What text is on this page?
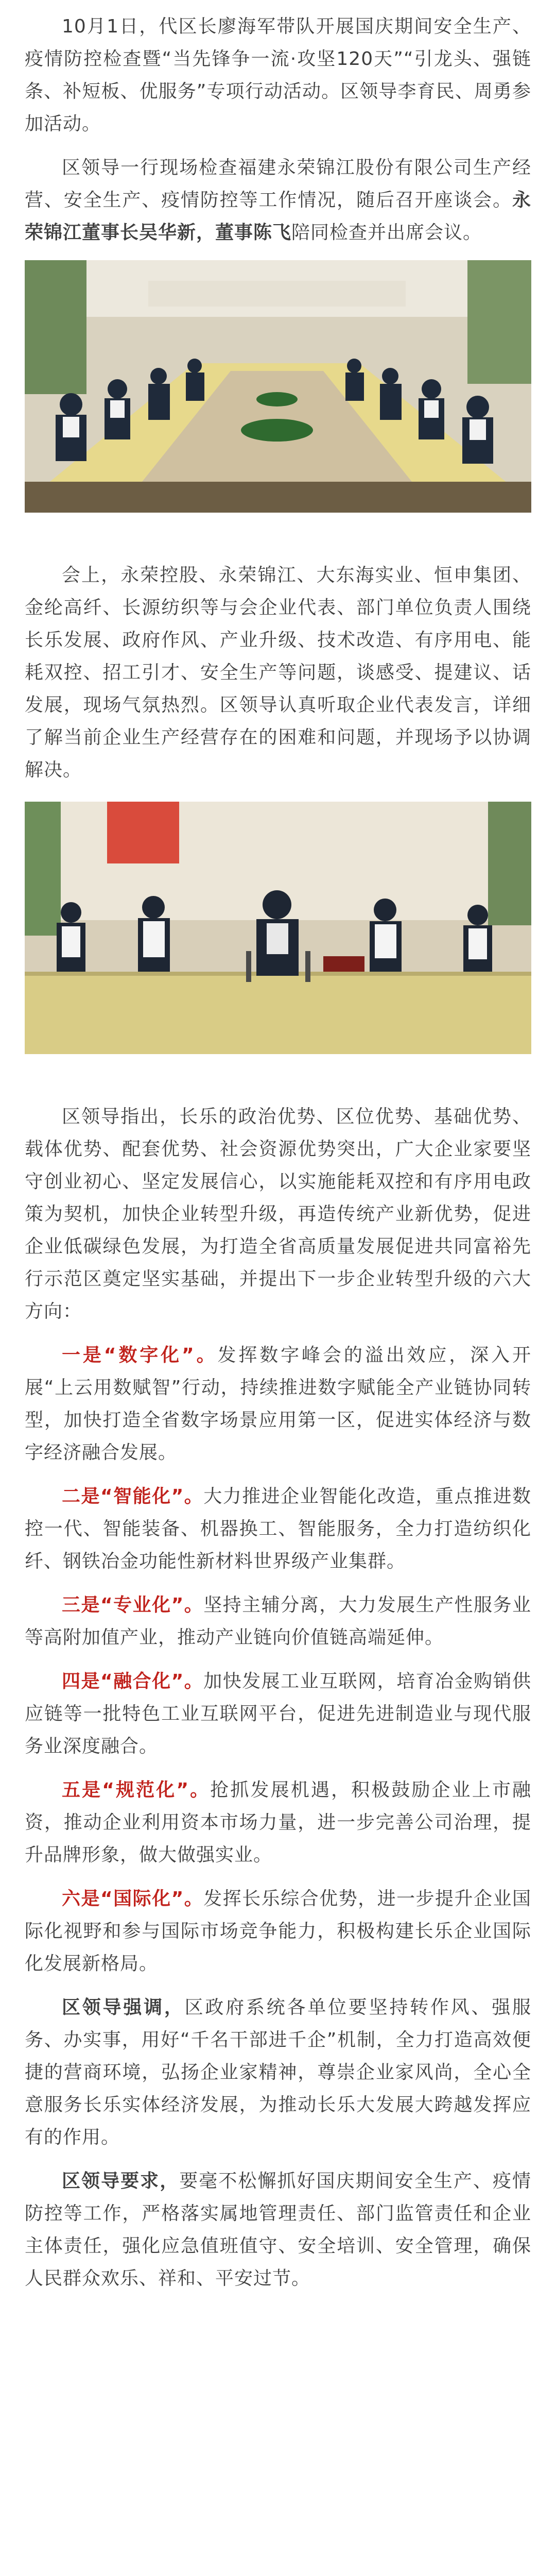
10月1日，代区长廖海军带队开展国庆期间安全生产、疫情防控检查暨“当先锋争一流·攻坚120天”“引龙头、强链条、补短板、优服务”专项行动活动。区领导李育民、周勇参加活动。

区领导一行现场检查福建永荣锦江股份有限公司生产经营、安全生产、疫情防控等工作情况，随后召开座谈会。永荣锦江董事长吴华新，董事陈飞陪同检查并出席会议。

会上，永荣控股、永荣锦江、大东海实业、恒申集团、金纶高纤、长源纺织等与会企业代表、部门单位负责人围绕长乐发展、政府作风、产业升级、技术改造、有序用电、能耗双控、招工引才、安全生产等问题，谈感受、提建议、话发展，现场气氛热烈。区领导认真听取企业代表发言，详细了解当前企业生产经营存在的困难和问题，并现场予以协调解决。

区领导指出，长乐的政治优势、区位优势、基础优势、载体优势、配套优势、社会资源优势突出，广大企业家要坚守创业初心、坚定发展信心，以实施能耗双控和有序用电政策为契机，加快企业转型升级，再造传统产业新优势，促进企业低碳绿色发展，为打造全省高质量发展促进共同富裕先行示范区奠定坚实基础，并提出下一步企业转型升级的六大方向：

一是“数字化”。发挥数字峰会的溢出效应，深入开展“上云用数赋智”行动，持续推进数字赋能全产业链协同转型，加快打造全省数字场景应用第一区，促进实体经济与数字经济融合发展。

二是“智能化”。大力推进企业智能化改造，重点推进数控一代、智能装备、机器换工、智能服务，全力打造纺织化纤、钢铁冶金功能性新材料世界级产业集群。

三是“专业化”。坚持主辅分离，大力发展生产性服务业等高附加值产业，推动产业链向价值链高端延伸。

四是“融合化”。加快发展工业互联网，培育冶金购销供应链等一批特色工业互联网平台，促进先进制造业与现代服务业深度融合。

五是“规范化”。抢抓发展机遇，积极鼓励企业上市融资，推动企业利用资本市场力量，进一步完善公司治理，提升品牌形象，做大做强实业。

六是“国际化”。发挥长乐综合优势，进一步提升企业国际化视野和参与国际市场竞争能力，积极构建长乐企业国际化发展新格局。

区领导强调，区政府系统各单位要坚持转作风、强服务、办实事，用好“千名干部进千企”机制，全力打造高效便捷的营商环境，弘扬企业家精神，尊崇企业家风尚，全心全意服务长乐实体经济发展，为推动长乐大发展大跨越发挥应有的作用。

区领导要求，要毫不松懈抓好国庆期间安全生产、疫情防控等工作，严格落实属地管理责任、部门监管责任和企业主体责任，强化应急值班值守、安全培训、安全管理，确保人民群众欢乐、祥和、平安过节。
